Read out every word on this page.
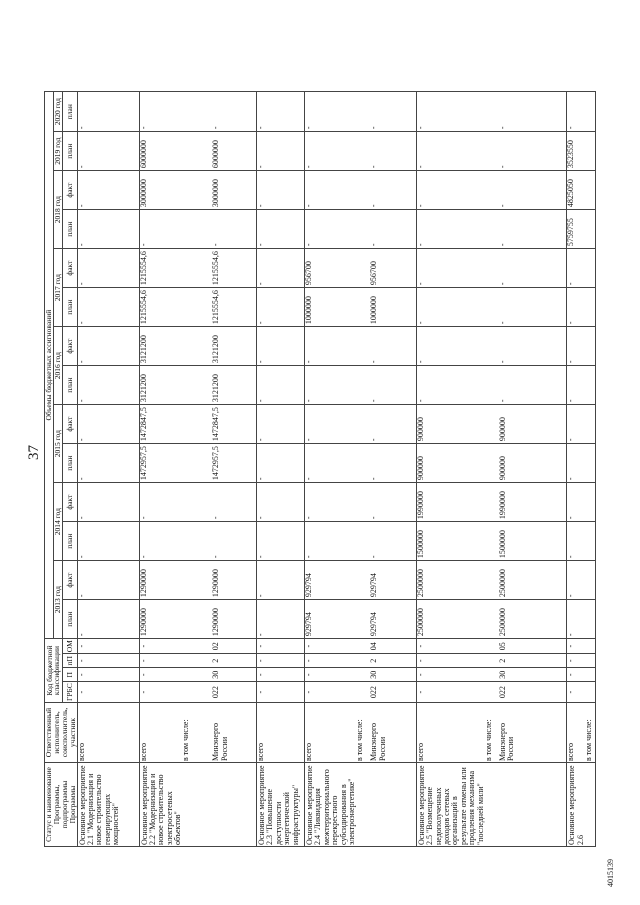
37
Статус и наименование Программы, подпрограммы Программы	Ответственный исполнитель, соисполнитель, участник	Код бюджетной классификации				Объемы бюджетных ассигнований													
						2013 год		2014 год		2015 год		2016 год		2017 год		2018 год		2019 год	2020 год
		ГРБС	П	пП	ОМ	план	факт	план	факт	план	факт	план	факт	план	факт	план	факт	план	план

Основное мероприятие 2.1 "Модернизация и новое строительство генерирующих мощностей"	всего	-	-	-	-	-	-	-	-	-	-	-	-	-	-	-	-	-	-
Основное мероприятие 2.2 "Модернизация и новое строительство электросетевых объектов"	всего	-	-	-	-	1290000	1290000	-	-	1472957,5	1472847,5	3121200	3121200	1215554,6	1215554,6	-	3000000	6000000	-
	в том числе:																		
	Минэнерго России	022	30	2	02	1290000	1290000	-	-	1472957,5	1472847,5	3121200	3121200	1215554,6	1215554,6	-	3000000	6000000	-
Основное мероприятие 2.3 "Повышение доступности энергетической инфраструктуры"	всего	-	-	-	-	-	-	-	-	-	-	-	-	-	-	-	-	-	-
Основное мероприятие 2.4 "Ликвидация межтерриториального перекрестного субсидирования в электроэнергетике"	всего	-	-	-	-	929794	929794	-	-	-	-	-	-	1000000	956700	-	-	-	-
	в том числе:																		
	Минэнерго России	022	30	2	04	929794	929794	-	-	-	-	-	-	1000000	956700	-	-	-	-
Основное мероприятие 2.5 "Возмещение недополученных доходов сетевых организаций в результате отмены или продления механизма "последней мили"	всего	-	-	-	-	2500000	2500000	1500000	1990000	900000	900000	-	-	-	-	-	-	-	-
	в том числе:																		
	Минэнерго России	022	30	2	05	2500000	2500000	1500000	1990000	900000	900000	-	-	-	-	-	-	-	-
Основное мероприятие 2.6	всего	-	-	-	-	-	-	-	-	-	-	-	-	-	-	5759755	4825050	3523550	-
	в том числе:																		
4015139
